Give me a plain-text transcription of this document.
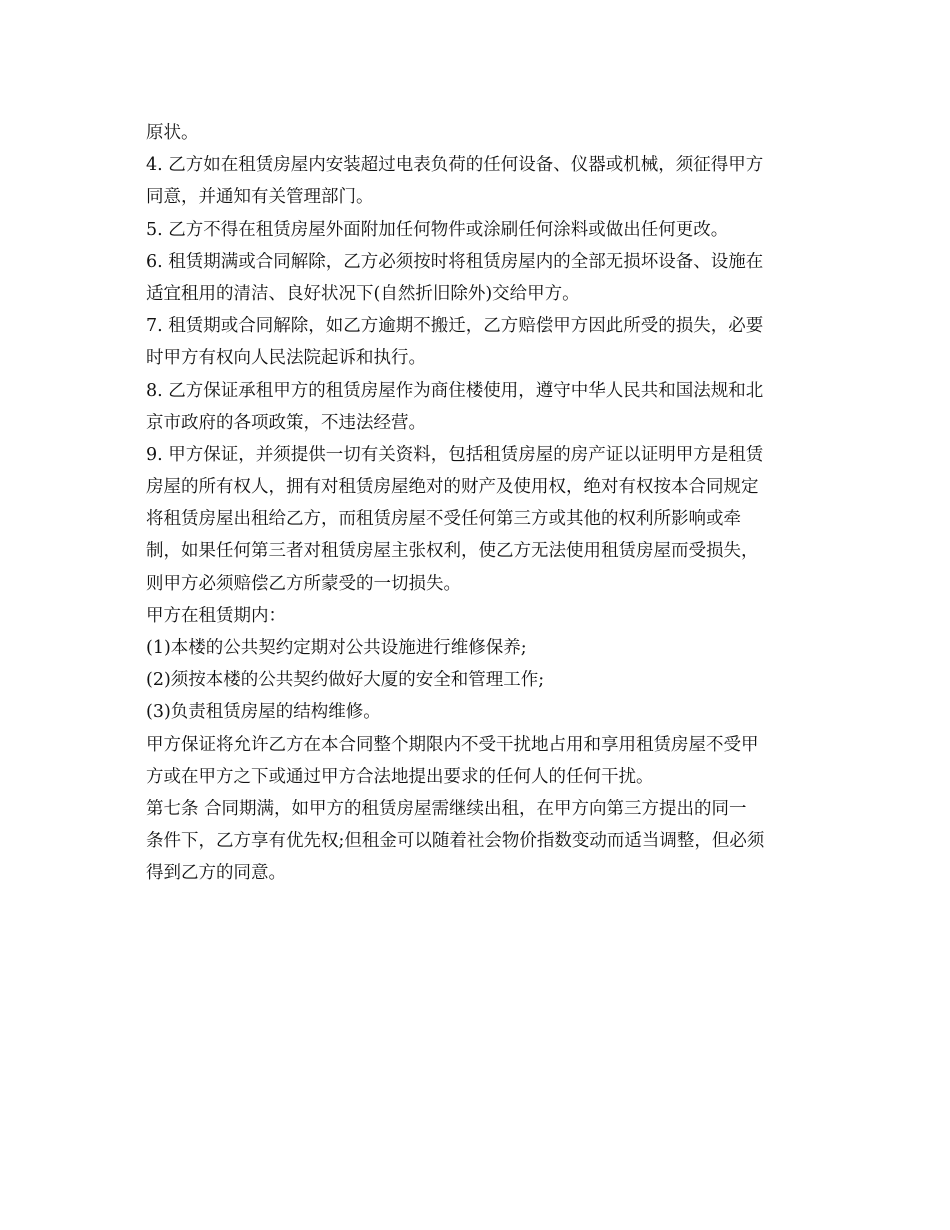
原状。
4. 乙方如在租赁房屋内安装超过电表负荷的任何设备、仪器或机械，须征得甲方
同意，并通知有关管理部门。
5. 乙方不得在租赁房屋外面附加任何物件或涂刷任何涂料或做出任何更改。
6. 租赁期满或合同解除，乙方必须按时将租赁房屋内的全部无损坏设备、设施在
适宜租用的清洁、良好状况下(自然折旧除外)交给甲方。
7. 租赁期或合同解除，如乙方逾期不搬迁，乙方赔偿甲方因此所受的损失，必要
时甲方有权向人民法院起诉和执行。
8. 乙方保证承租甲方的租赁房屋作为商住楼使用，遵守中华人民共和国法规和北
京市政府的各项政策，不违法经营。
9. 甲方保证，并须提供一切有关资料，包括租赁房屋的房产证以证明甲方是租赁
房屋的所有权人，拥有对租赁房屋绝对的财产及使用权，绝对有权按本合同规定
将租赁房屋出租给乙方，而租赁房屋不受任何第三方或其他的权利所影响或牵
制，如果任何第三者对租赁房屋主张权利，使乙方无法使用租赁房屋而受损失，
则甲方必须赔偿乙方所蒙受的一切损失。
甲方在租赁期内：
(1)本楼的公共契约定期对公共设施进行维修保养;
(2)须按本楼的公共契约做好大厦的安全和管理工作;
(3)负责租赁房屋的结构维修。
甲方保证将允许乙方在本合同整个期限内不受干扰地占用和享用租赁房屋不受甲
方或在甲方之下或通过甲方合法地提出要求的任何人的任何干扰。
第七条 合同期满，如甲方的租赁房屋需继续出租，在甲方向第三方提出的同一
条件下，乙方享有优先权;但租金可以随着社会物价指数变动而适当调整，但必须
得到乙方的同意。
